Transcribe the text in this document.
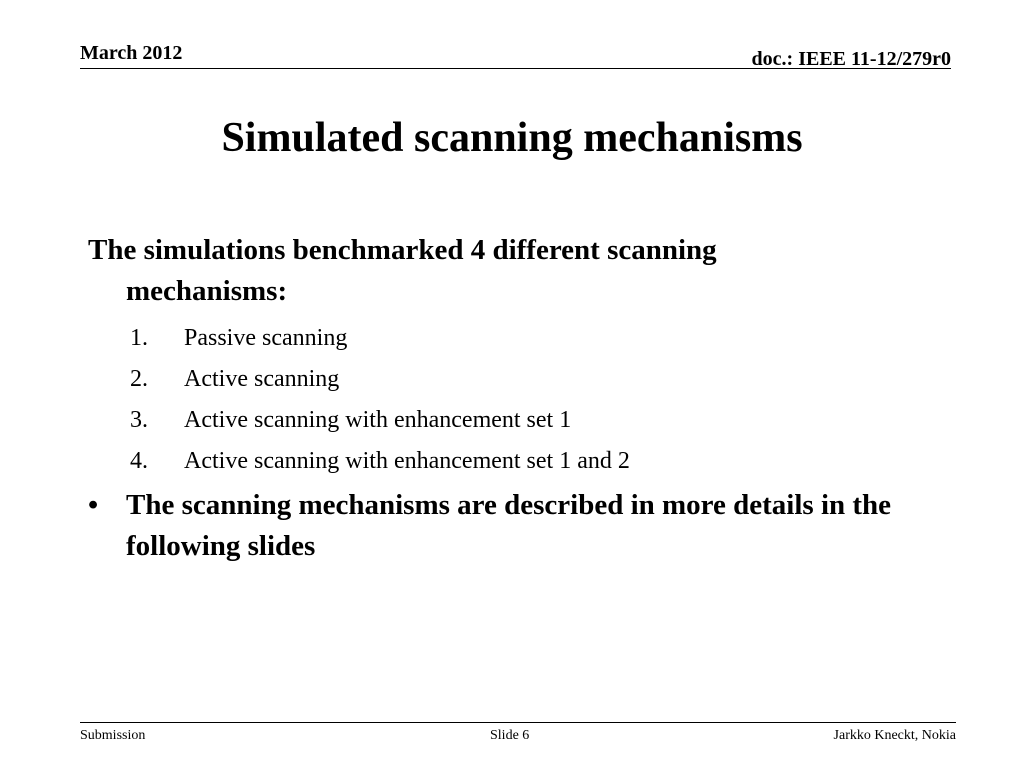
March 2012	doc.: IEEE 11-12/279r0
Simulated scanning mechanisms
The simulations benchmarked 4 different scanning
mechanisms:
1. Passive scanning
2. Active scanning
3. Active scanning with enhancement set 1
4. Active scanning with enhancement set 1 and 2
• The scanning mechanisms are described in more details in the following slides
Submission	Slide 6	Jarkko Kneckt, Nokia
